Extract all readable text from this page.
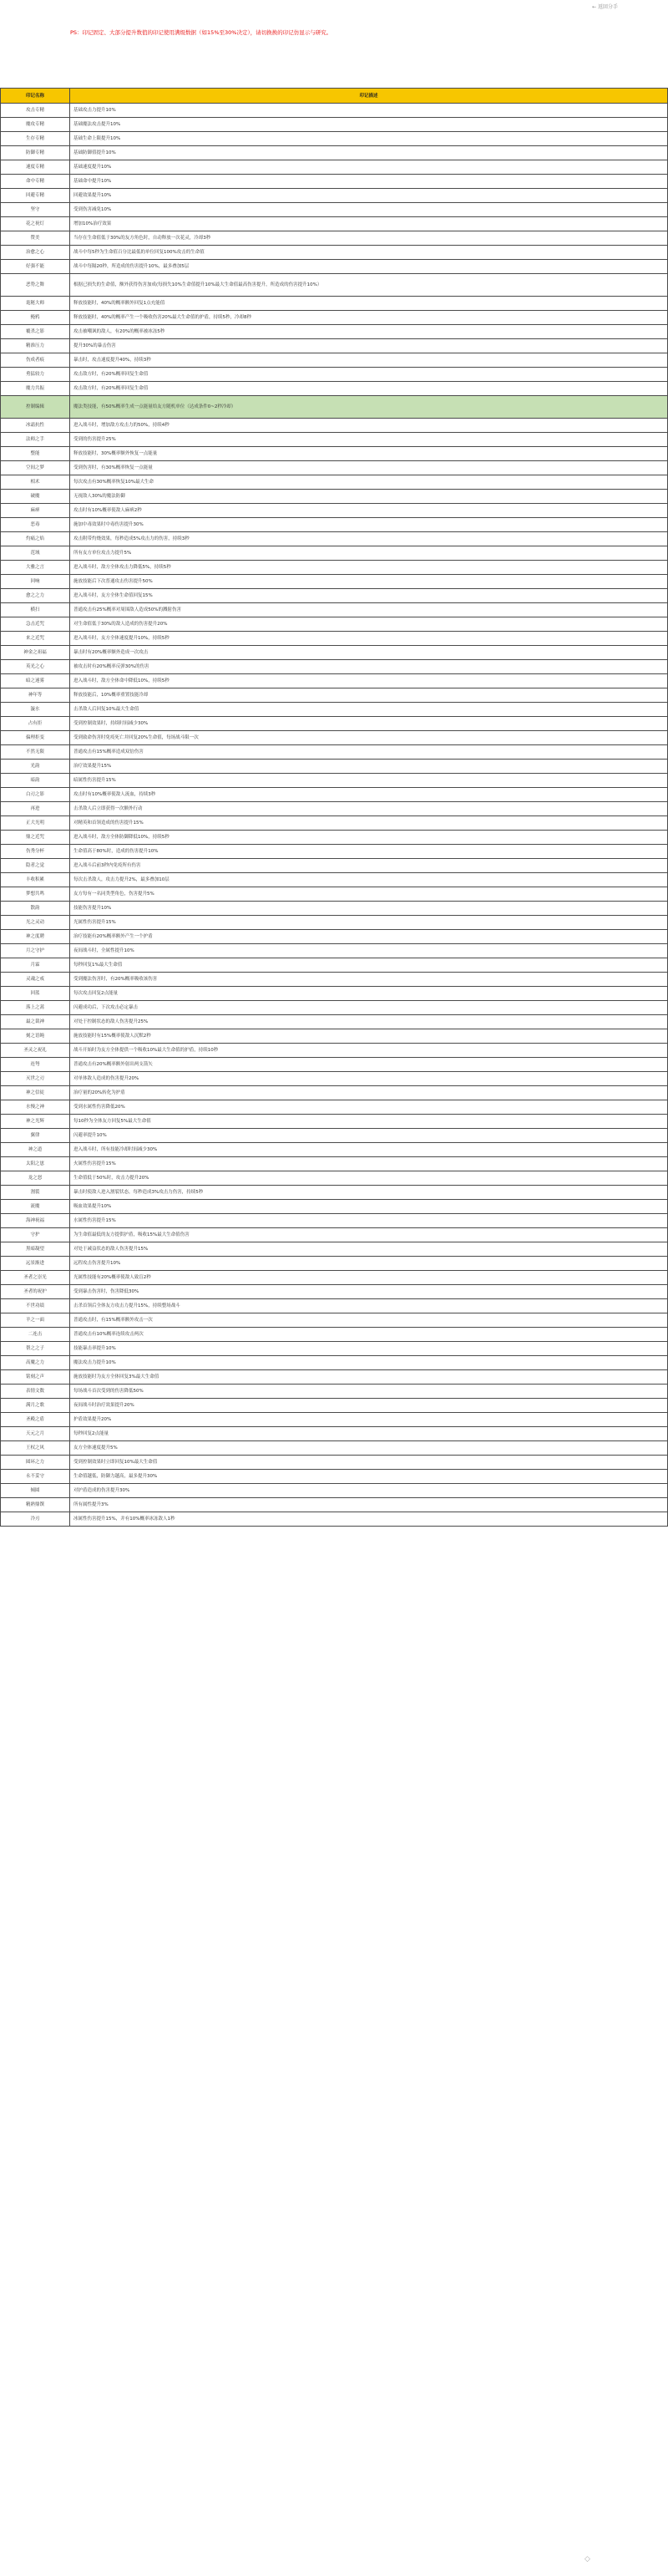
← 返回分手
PS：印记固定、大部分提升数值的印记使用满级数据（如15%至30%决定），请切换换的印记仿显示与研究。
印记名称	印记描述
攻击专精	基础攻击力提升10%
魔攻专精	基础魔法攻击提升10%
生存专精	基础生命上限提升10%
防御专精	基础防御值提升10%
速度专精	基础速度提升10%
命中专精	基础命中提升10%
回避专精	回避效果提升10%
坚守	受到伤害减免10%
花之祝灯	增加10%治疗效果
赞美	当存在生命值低于30%的友方角色时，自动释放一次花灵，冷却3秒
治愈之心	战斗中每5秒为生命值百分比最低的单位回复100%攻击的生命值
好强不能	战斗中每隔20秒，所造成的伤害提升10%，最多叠加5层
恶势之舞	根据已损失的生命值，额外获得伤害加成(每损失10%生命值提升10%最大生命值最高伤害提升，所造成的伤害提升10%）
诡秘大师	释放技能时，40%的概率额外回复1点充能值
掩鸦	释放技能时，40%的概率产生一个吸收伤害20%最大生命值的护盾，持续5秒，冷却8秒
覆杀之影	攻击被嘲讽的敌人，有20%的概率被冰冻5秒
精准压力	提升30%的暴击伤害
伤成者痕	暴击时，攻击速度提升40%，持续3秒
勇猛较力	攻击敌方时，有20%概率回复生命值
魔力共振	攻击敌方时，有20%概率回复生命值
控制编辑	魔法类技能，有50%概率生成一点能量给友方随机单位（达成条件0~2秒冷却）
冰霜抗性	进入战斗时，增加敌方攻击力的50%，持续4秒
法师之手	受到的伤害提升25%
整能	释放技能时，30%概率额外恢复一点能量
空间之梦	受到伤害时，有30%概率恢复一点能量
相术	每次攻击有30%概率恢复10%最大生命
破魔	无视敌人30%的魔法防御
麻痹	攻击时有10%概率使敌人麻痹2秒
恶毒	施加中毒效果时中毒伤害提升30%
灼痛之焰	攻击附带灼烧效果，每秒造成5%攻击力的伤害，持续3秒
范域	所有友方单位攻击力提升5%
大雅之言	进入战斗时，敌方全体攻击力降低5%，持续5秒
回响	施放技能后下次普通攻击伤害提升50%
愈之之力	进入战斗时，友方全体生命值回复15%
横扫	普通攻击有25%概率对周围敌人造成50%的溅射伤害
急击近咒	对生命值低于30%的敌人造成的伤害提升20%
来之近咒	进入战斗时，友方全体速度提升10%，持续5秒
神金之祖福	暴击时有20%概率额外造成一次攻击
英光之心	被攻击时有20%概率反弹30%的伤害
暗之迷雾	进入战斗时，敌方全体命中降低10%，持续5秒
神年等	释放技能后，10%概率重置技能冷却
漩水	击杀敌人后回复10%最大生命值
占有拒	受到控制效果时，持续时间减少30%
偏理拒变	受到致命伤害时免疫死亡并回复20%生命值，每场战斗限一次
不然无限	普通攻击有15%概率造成双倍伤害
光韵	治疗效果提升15%
暗韵	暗属性伤害提升15%
白刃之影	攻击时有10%概率使敌人流血，持续3秒
再进	击杀敌人后立即获得一次额外行动
正大光明	对精英和首领造成的伤害提升15%
鼎之近咒	进入战斗时，敌方全体防御降低10%，持续5秒
伤秀分杯	生命值高于80%时，造成的伤害提升10%
隐者之觉	进入战斗后前3秒内免疫所有伤害
丰收积累	每次击杀敌人，攻击力提升2%，最多叠加10层
梦想共鸣	友方每有一名同类型角色，伤害提升5%
散韵	技能伤害提升10%
光之灵动	光属性伤害提升15%
神之度聘	治疗技能有20%概率额外产生一个护盾
月之守护	夜间战斗时，全属性提升10%
月霖	每秒回复1%最大生命值
灵魂之戒	受到魔法伤害时，有20%概率吸收该伤害
回蓝	每次攻击回复2点能量
落上之蒿	闪避成功后，下次攻击必定暴击
最之裁神	对处于控制状态的敌人伤害提升25%
刻之语绳	施放技能时有15%概率使敌人沉默2秒
圣灵之祝礼	战斗开始时为友方全体提供一个吸收10%最大生命值的护盾，持续10秒
连弩	普通攻击有20%概率额外射出两支箭矢
灭世之刃	对单体敌人造成的伤害提升20%
神之信徒	治疗量的20%转化为护盾
水慢之神	受到水属性伤害降低20%
神之光辉	每10秒为全体友方回复5%最大生命值
翼律	闪避率提升10%
神之道	进入战斗时，所有技能冷却时间减少30%
太阳之崽	火属性伤害提升15%
龙之怒	生命值低于50%时，攻击力提升20%
割裂	暴击时使敌人进入割裂状态，每秒造成3%攻击力伤害，持续5秒
流魔	吸血效果提升10%
海神祝福	水属性伤害提升15%
守护	为生命值最低的友方提供护盾，吸收15%最大生命值伤害
黑暗凝望	对处于减益状态的敌人伤害提升15%
远景渐进	远程攻击伤害提升10%
圣者之崇光	光属性技能有20%概率使敌人致盲2秒
圣者的祝护	受到暴击伤害时，伤害降低30%
不世功绩	击杀首领后全体友方攻击力提升15%，持续整场战斗
羊之一面	普通攻击时，有15%概率额外攻击一次
二连击	普通攻击有10%概率连续攻击两次
帮之之子	技能暴击率提升10%
高魔之力	魔法攻击力提升10%
铭刻之声	施放技能时为友方全体回复3%最大生命值
表情文数	每场战斗首次受到的伤害降低50%
满月之歌	夜间战斗时治疗效果提升20%
圣殿之盾	护盾效果提升20%
天元之月	每秒回复2点能量
王权之风	友方全体速度提升5%
圆环之力	受到控制效果时立即回复10%最大生命值
永不妥守	生命值越低，防御力越高，最多提升30%
倾圆	对护盾造成的伤害提升30%
精熟鼎馔	所有属性提升3%
冷刃	冰属性伤害提升15%，并有10%概率冰冻敌人1秒
◇
